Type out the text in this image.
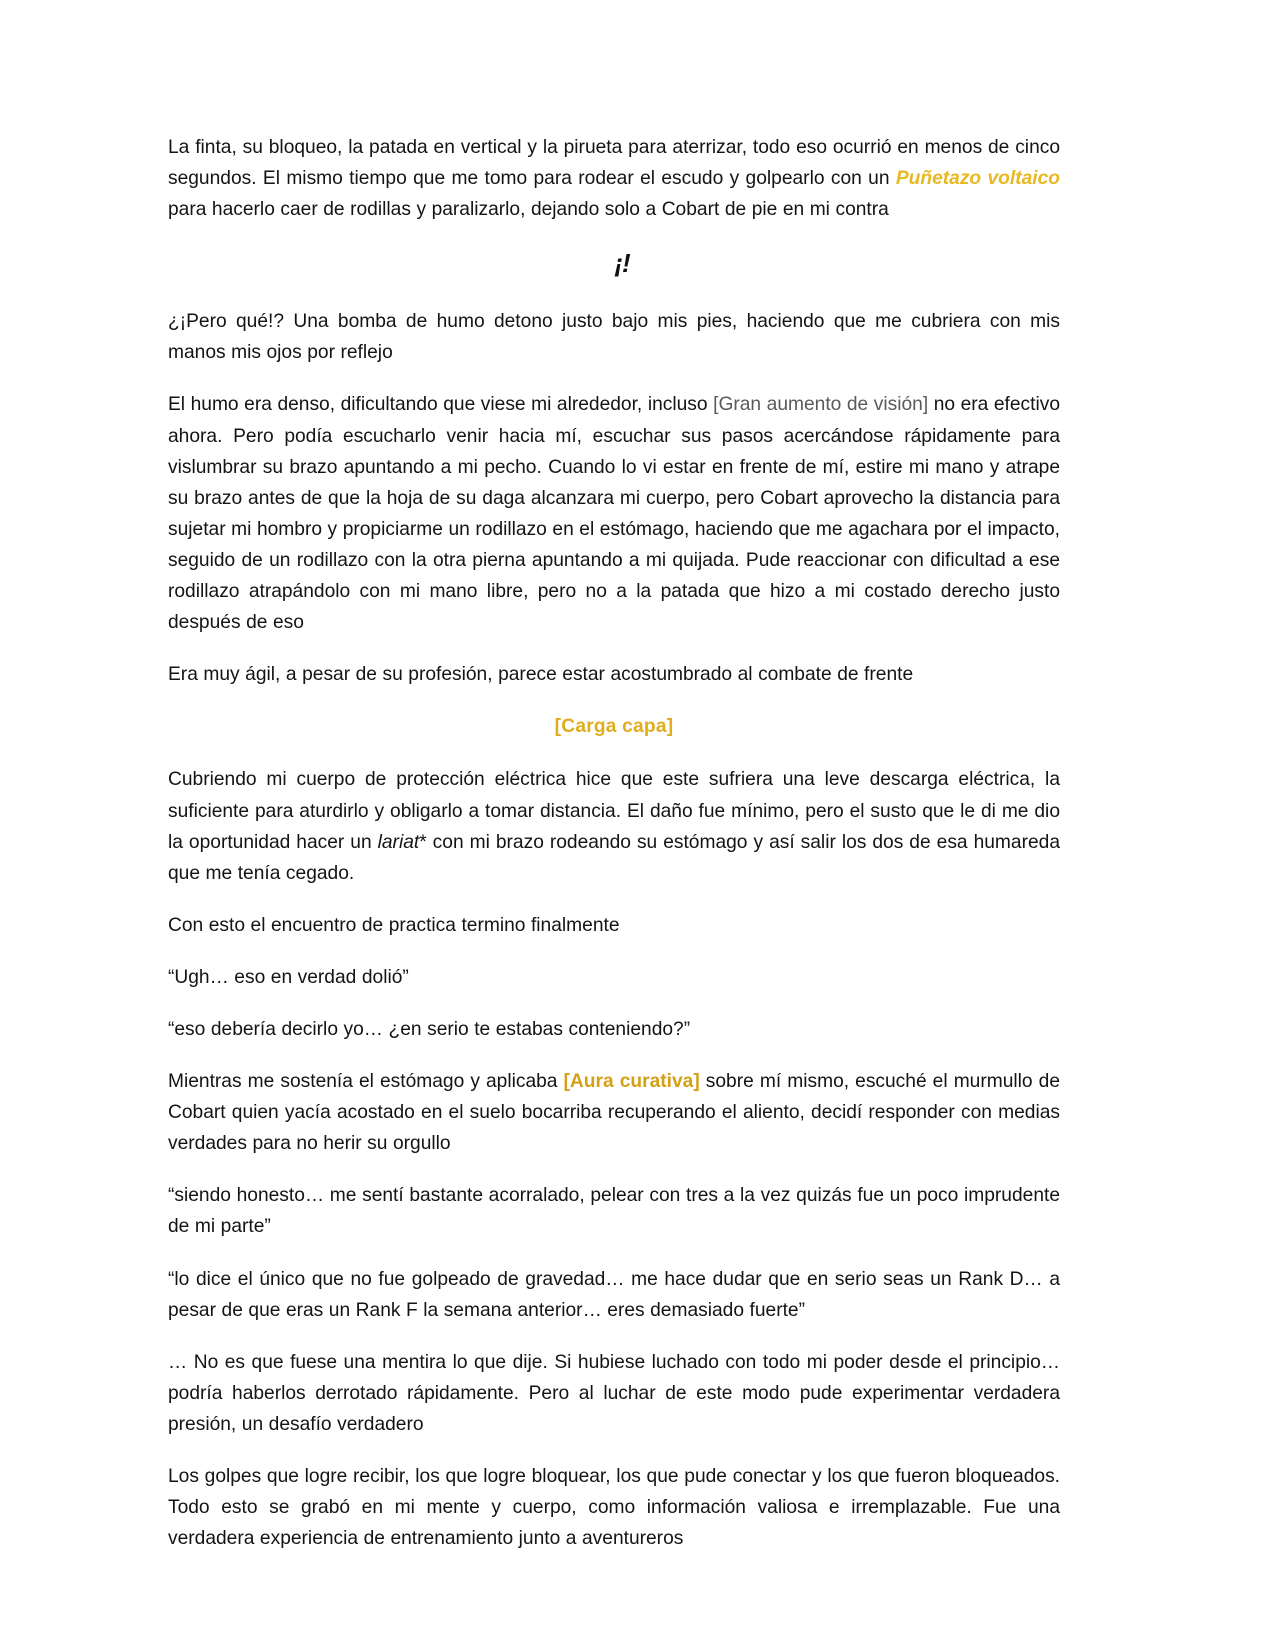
La finta, su bloqueo, la patada en vertical y la pirueta para aterrizar, todo eso ocurrió en menos de cinco segundos. El mismo tiempo que me tomo para rodear el escudo y golpearlo con un Puñetazo voltaico para hacerlo caer de rodillas y paralizarlo, dejando solo a Cobart de pie en mi contra

¡!

¿¡Pero qué!? Una bomba de humo detono justo bajo mis pies, haciendo que me cubriera con mis manos mis ojos por reflejo

El humo era denso, dificultando que viese mi alrededor, incluso [Gran aumento de visión] no era efectivo ahora. Pero podía escucharlo venir hacia mí, escuchar sus pasos acercándose rápidamente para vislumbrar su brazo apuntando a mi pecho. Cuando lo vi estar en frente de mí, estire mi mano y atrape su brazo antes de que la hoja de su daga alcanzara mi cuerpo, pero Cobart aprovecho la distancia para sujetar mi hombro y propiciarme un rodillazo en el estómago, haciendo que me agachara por el impacto, seguido de un rodillazo con la otra pierna apuntando a mi quijada. Pude reaccionar con dificultad a ese rodillazo atrapándolo con mi mano libre, pero no a la patada que hizo a mi costado derecho justo después de eso

Era muy ágil, a pesar de su profesión, parece estar acostumbrado al combate de frente

[Carga capa]

Cubriendo mi cuerpo de protección eléctrica hice que este sufriera una leve descarga eléctrica, la suficiente para aturdirlo y obligarlo a tomar distancia. El daño fue mínimo, pero el susto que le di me dio la oportunidad hacer un lariat* con mi brazo rodeando su estómago y así salir los dos de esa humareda que me tenía cegado.

Con esto el encuentro de practica termino finalmente

“Ugh… eso en verdad dolió”

“eso debería decirlo yo… ¿en serio te estabas conteniendo?”

Mientras me sostenía el estómago y aplicaba [Aura curativa] sobre mí mismo, escuché el murmullo de Cobart quien yacía acostado en el suelo bocarriba recuperando el aliento, decidí responder con medias verdades para no herir su orgullo

“siendo honesto… me sentí bastante acorralado, pelear con tres a la vez quizás fue un poco imprudente de mi parte”

“lo dice el único que no fue golpeado de gravedad… me hace dudar que en serio seas un Rank D… a pesar de que eras un Rank F la semana anterior… eres demasiado fuerte”

… No es que fuese una mentira lo que dije. Si hubiese luchado con todo mi poder desde el principio… podría haberlos derrotado rápidamente. Pero al luchar de este modo pude experimentar verdadera presión, un desafío verdadero

Los golpes que logre recibir, los que logre bloquear, los que pude conectar y los que fueron bloqueados. Todo esto se grabó en mi mente y cuerpo, como información valiosa e irremplazable. Fue una verdadera experiencia de entrenamiento junto a aventureros
